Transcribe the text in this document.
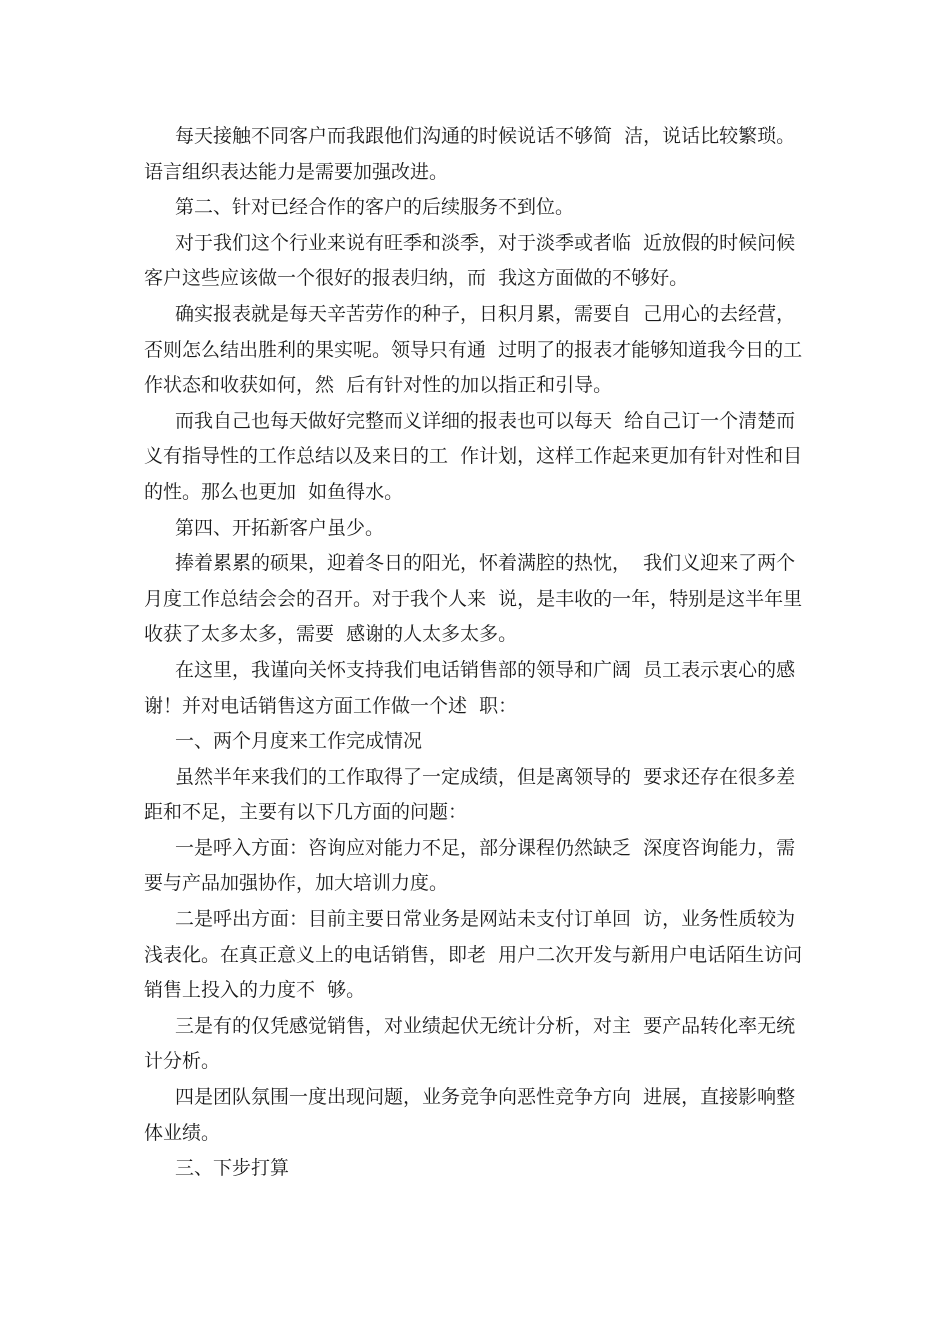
每天接触不同客户而我跟他们沟通的时候说话不够简  洁，说话比较繁琐。
语言组织表达能力是需要加强改进。
第二、针对已经合作的客户的后续服务不到位。
对于我们这个行业来说有旺季和淡季，对于淡季或者临  近放假的时候问候
客户这些应该做一个很好的报表归纳，而  我这方面做的不够好。
确实报表就是每天辛苦劳作的种子，日积月累，需要自  己用心的去经营，
否则怎么结出胜利的果实呢。领导只有通  过明了的报表才能够知道我今日的工
作状态和收获如何，然  后有针对性的加以指正和引导。
而我自己也每天做好完整而义详细的报表也可以每天  给自己订一个清楚而
义有指导性的工作总结以及来日的工  作计划，这样工作起来更加有针对性和目
的性。那么也更加  如鱼得水。
第四、开拓新客户虽少。
捧着累累的硕果，迎着冬日的阳光，怀着满腔的热忱，  我们义迎来了两个
月度工作总结会会的召开。对于我个人来  说，是丰收的一年，特别是这半年里
收获了太多太多，需要  感谢的人太多太多。
在这里，我谨向关怀支持我们电话销售部的领导和广阔  员工表示衷心的感
谢！并对电话销售这方面工作做一个述  职：
一、两个月度来工作完成情况
虽然半年来我们的工作取得了一定成绩，但是离领导的  要求还存在很多差
距和不足，主要有以下几方面的问题：
一是呼入方面：咨询应对能力不足，部分课程仍然缺乏  深度咨询能力，需
要与产品加强协作，加大培训力度。
二是呼出方面：目前主要日常业务是网站未支付订单回  访，业务性质较为
浅表化。在真正意义上的电话销售，即老  用户二次开发与新用户电话陌生访问
销售上投入的力度不  够。
三是有的仅凭感觉销售，对业绩起伏无统计分析，对主  要产品转化率无统
计分析。
四是团队氛围一度出现问题，业务竞争向恶性竞争方向  进展，直接影响整
体业绩。
三、下步打算
